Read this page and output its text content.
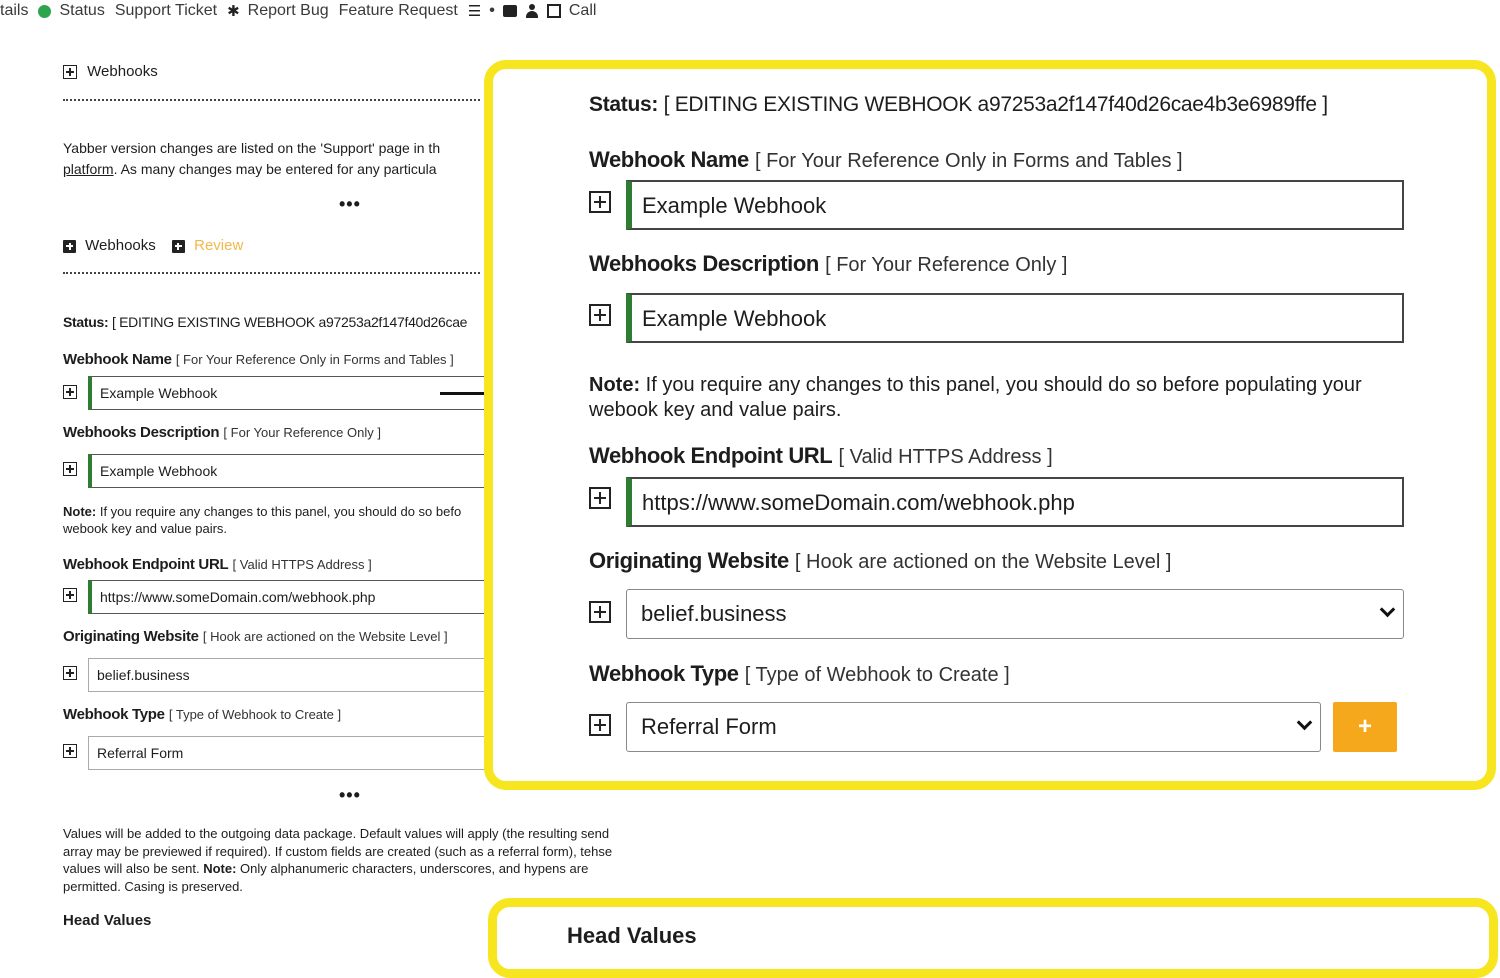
tails Status Support Ticket ✱ Report Bug Feature Request ☰ •	Call
Webhooks
Yabber version changes are listed on the 'Support' page in th
platform. As many changes may be entered for any particula
•••
Webhooks	Review
Status: [ EDITING EXISTING WEBHOOK a97253a2f147f40d26cae
Webhook Name [ For Your Reference Only in Forms and Tables ]
Example Webhook
Webhooks Description [ For Your Reference Only ]
Example Webhook
Note: If you require any changes to this panel, you should do so befo
webook key and value pairs.
Webhook Endpoint URL [ Valid HTTPS Address ]
https://www.someDomain.com/webhook.php
Originating Website [ Hook are actioned on the Website Level ]
belief.business
Webhook Type [ Type of Webhook to Create ]
Referral Form
•••
Values will be added to the outgoing data package. Default values will apply (the resulting send array may be previewed if required). If custom fields are created (such as a referral form), tehse values will also be sent. Note: Only alphanumeric characters, underscores, and hypens are permitted. Casing is preserved.
Head Values
Status: [ EDITING EXISTING WEBHOOK a97253a2f147f40d26cae4b3e6989ffe ]
Webhook Name [ For Your Reference Only in Forms and Tables ]
Example Webhook
Webhooks Description [ For Your Reference Only ]
Example Webhook
Note: If you require any changes to this panel, you should do so before populating your webook key and value pairs.
Webhook Endpoint URL [ Valid HTTPS Address ]
https://www.someDomain.com/webhook.php
Originating Website [ Hook are actioned on the Website Level ]
belief.business
Webhook Type [ Type of Webhook to Create ]
Referral Form	+
Head Values
